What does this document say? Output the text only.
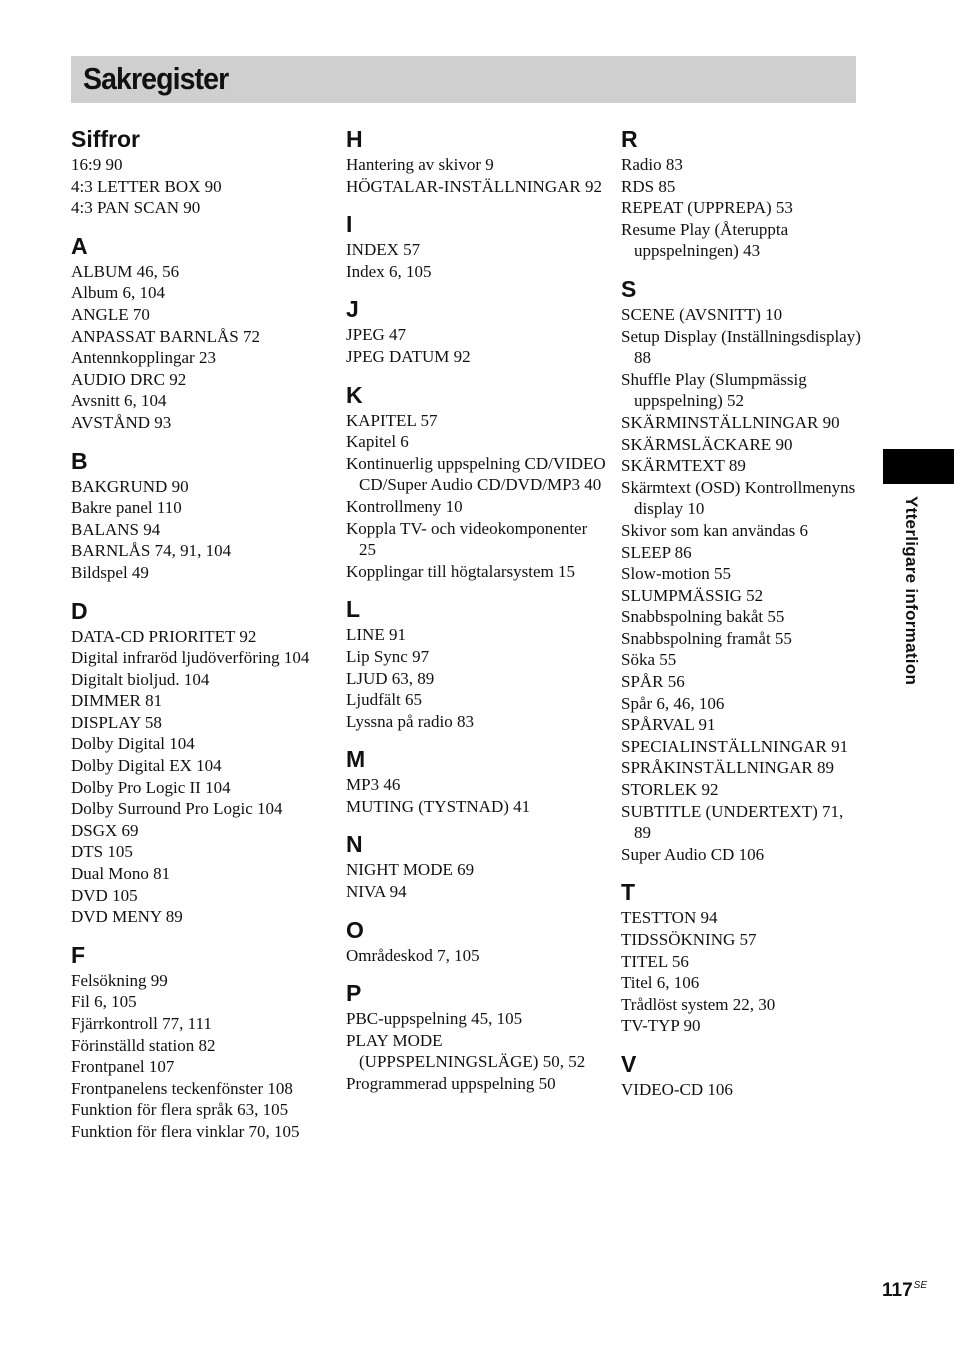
Sakregister
Siffror
16:9 90
4:3 LETTER BOX 90
4:3 PAN SCAN 90
A
ALBUM 46, 56
Album 6, 104
ANGLE 70
ANPASSAT BARNLÅS 72
Antennkopplingar 23
AUDIO DRC 92
Avsnitt 6, 104
AVSTÅND 93
B
BAKGRUND 90
Bakre panel 110
BALANS 94
BARNLÅS 74, 91, 104
Bildspel 49
D
DATA-CD PRIORITET 92
Digital infraröd ljudöverföring 104
Digitalt bioljud. 104
DIMMER 81
DISPLAY 58
Dolby Digital 104
Dolby Digital EX 104
Dolby Pro Logic II 104
Dolby Surround Pro Logic 104
DSGX 69
DTS 105
Dual Mono 81
DVD 105
DVD MENY 89
F
Felsökning 99
Fil 6, 105
Fjärrkontroll 77, 111
Förinställd station 82
Frontpanel 107
Frontpanelens teckenfönster 108
Funktion för flera språk 63, 105
Funktion för flera vinklar 70, 105
H
Hantering av skivor 9
HÖGTALAR-INSTÄLLNINGAR 92
I
INDEX 57
Index 6, 105
J
JPEG 47
JPEG DATUM 92
K
KAPITEL 57
Kapitel 6
Kontinuerlig uppspelning CD/VIDEO CD/Super Audio CD/DVD/MP3 40
Kontrollmeny 10
Koppla TV- och videokomponenter 25
Kopplingar till högtalarsystem 15
L
LINE 91
Lip Sync 97
LJUD 63, 89
Ljudfält 65
Lyssna på radio 83
M
MP3 46
MUTING (TYSTNAD) 41
N
NIGHT MODE 69
NIVA 94
O
Områdeskod 7, 105
P
PBC-uppspelning 45, 105
PLAY MODE (UPPSPELNINGSLÄGE) 50, 52
Programmerad uppspelning 50
R
Radio 83
RDS 85
REPEAT (UPPREPA) 53
Resume Play (Återuppta uppspelningen) 43
S
SCENE (AVSNITT) 10
Setup Display (Inställningsdisplay) 88
Shuffle Play (Slumpmässig uppspelning) 52
SKÄRMINSTÄLLNINGAR 90
SKÄRMSLÄCKARE 90
SKÄRMTEXT 89
Skärmtext (OSD) Kontrollmenyns display 10
Skivor som kan användas 6
SLEEP 86
Slow-motion 55
SLUMPMÄSSIG 52
Snabbspolning bakåt 55
Snabbspolning framåt 55
Söka 55
SPÅR 56
Spår 6, 46, 106
SPÅRVAL 91
SPECIALINSTÄLLNINGAR 91
SPRÅKINSTÄLLNINGAR 89
STORLEK 92
SUBTITLE (UNDERTEXT) 71, 89
Super Audio CD 106
T
TESTTON 94
TIDSSÖKNING 57
TITEL 56
Titel 6, 106
Trådlöst system 22, 30
TV-TYP 90
V
VIDEO-CD 106
Ytterligare information
$117^{SE}$
